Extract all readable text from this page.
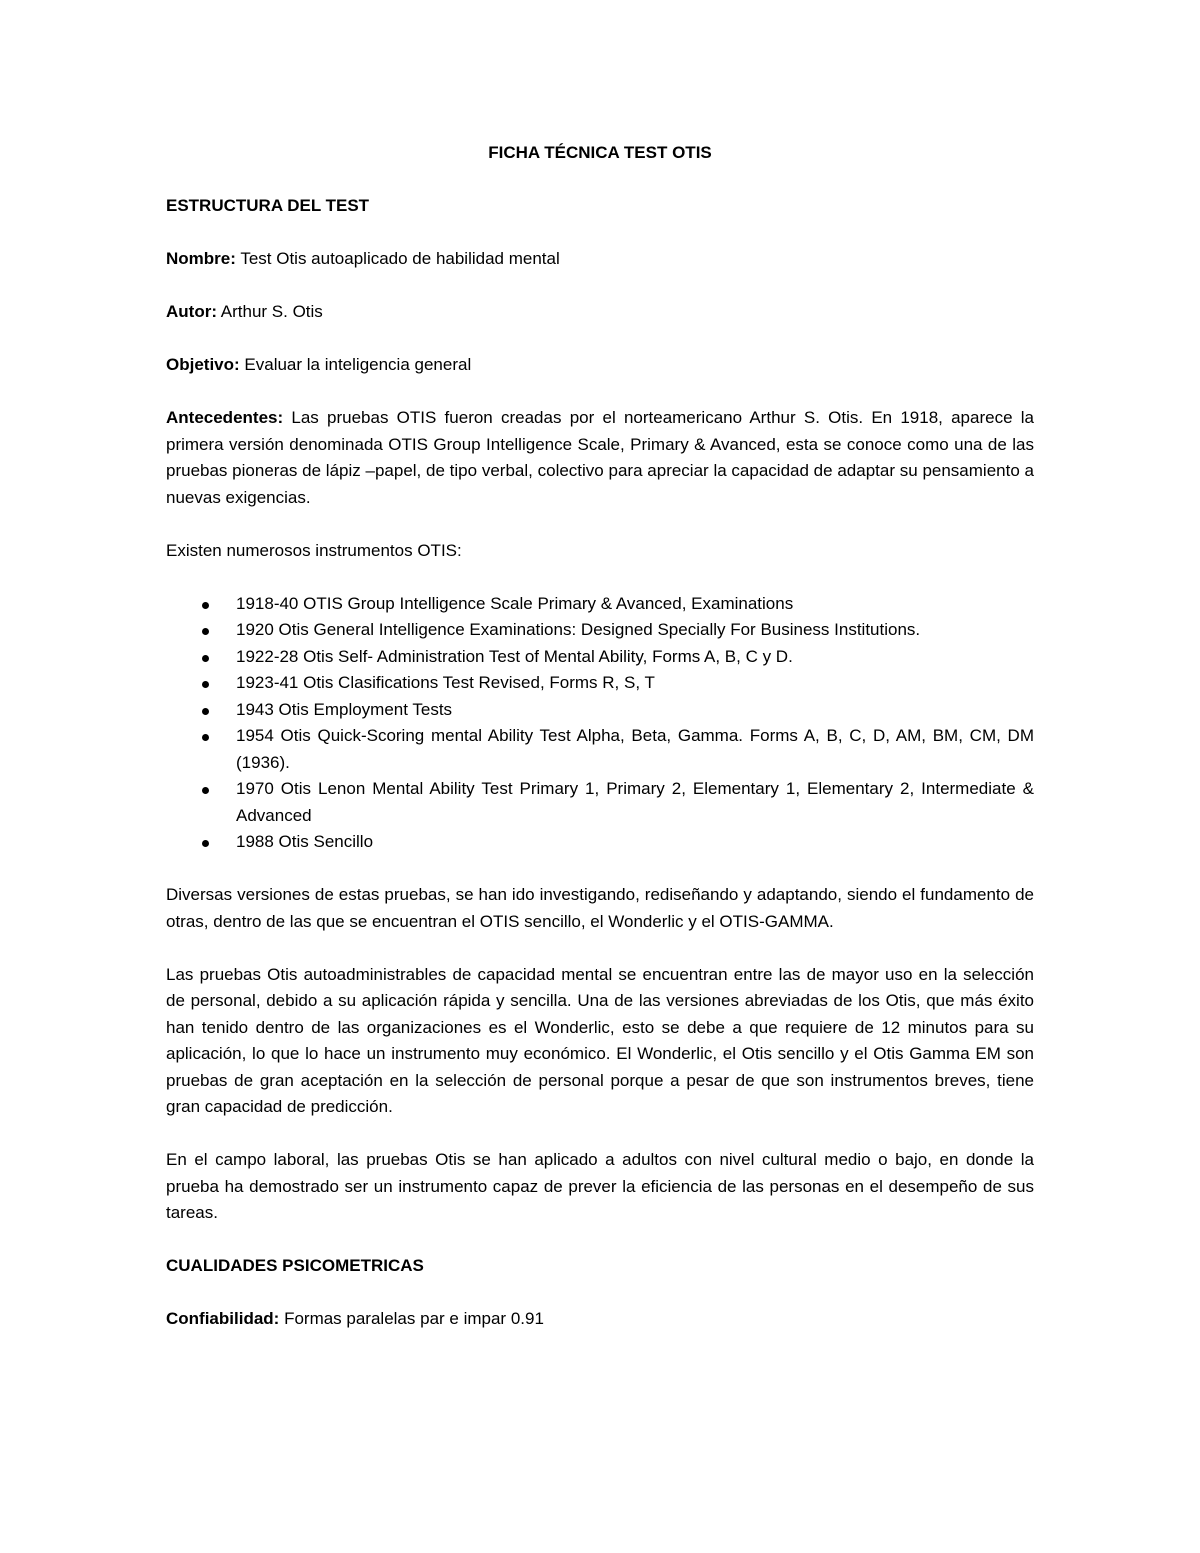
FICHA TÉCNICA TEST OTIS
ESTRUCTURA DEL TEST
Nombre: Test Otis autoaplicado de habilidad mental
Autor: Arthur S. Otis
Objetivo: Evaluar la inteligencia general
Antecedentes: Las pruebas OTIS fueron creadas por el norteamericano Arthur S. Otis. En 1918, aparece la primera versión denominada OTIS Group Intelligence Scale, Primary & Avanced, esta se conoce como una de las pruebas pioneras de lápiz –papel, de tipo verbal, colectivo para apreciar la capacidad de adaptar su pensamiento a nuevas exigencias.
Existen numerosos instrumentos OTIS:
1918-40 OTIS Group Intelligence Scale Primary & Avanced, Examinations
1920 Otis General Intelligence Examinations: Designed Specially For Business Institutions.
1922-28 Otis Self- Administration Test of Mental Ability, Forms A, B, C y D.
1923-41 Otis Clasifications Test Revised, Forms R, S, T
1943 Otis Employment Tests
1954 Otis Quick-Scoring mental Ability Test Alpha, Beta, Gamma. Forms A, B, C, D, AM, BM, CM, DM (1936).
1970 Otis Lenon Mental Ability Test Primary 1, Primary 2, Elementary 1, Elementary 2, Intermediate & Advanced
1988 Otis Sencillo
Diversas versiones de estas pruebas, se han ido investigando, rediseñando y adaptando, siendo el fundamento de otras, dentro de las que se encuentran el OTIS sencillo, el Wonderlic y el OTIS-GAMMA.
Las pruebas Otis autoadministrables de capacidad mental se encuentran entre las de mayor uso en la selección de personal, debido a su aplicación rápida y sencilla. Una de las versiones abreviadas de los Otis, que más éxito han tenido dentro de las organizaciones es el Wonderlic, esto se debe a que requiere de 12 minutos para su aplicación, lo que lo hace un instrumento muy económico. El Wonderlic, el Otis sencillo y el Otis Gamma EM son pruebas de gran aceptación en la selección de personal porque a pesar de que son instrumentos breves, tiene gran capacidad de predicción.
En el campo laboral, las pruebas Otis se han aplicado a adultos con nivel cultural medio o bajo, en donde la prueba ha demostrado ser un instrumento capaz de prever la eficiencia de las personas en el desempeño de sus tareas.
CUALIDADES PSICOMETRICAS
Confiabilidad: Formas paralelas par e impar 0.91
